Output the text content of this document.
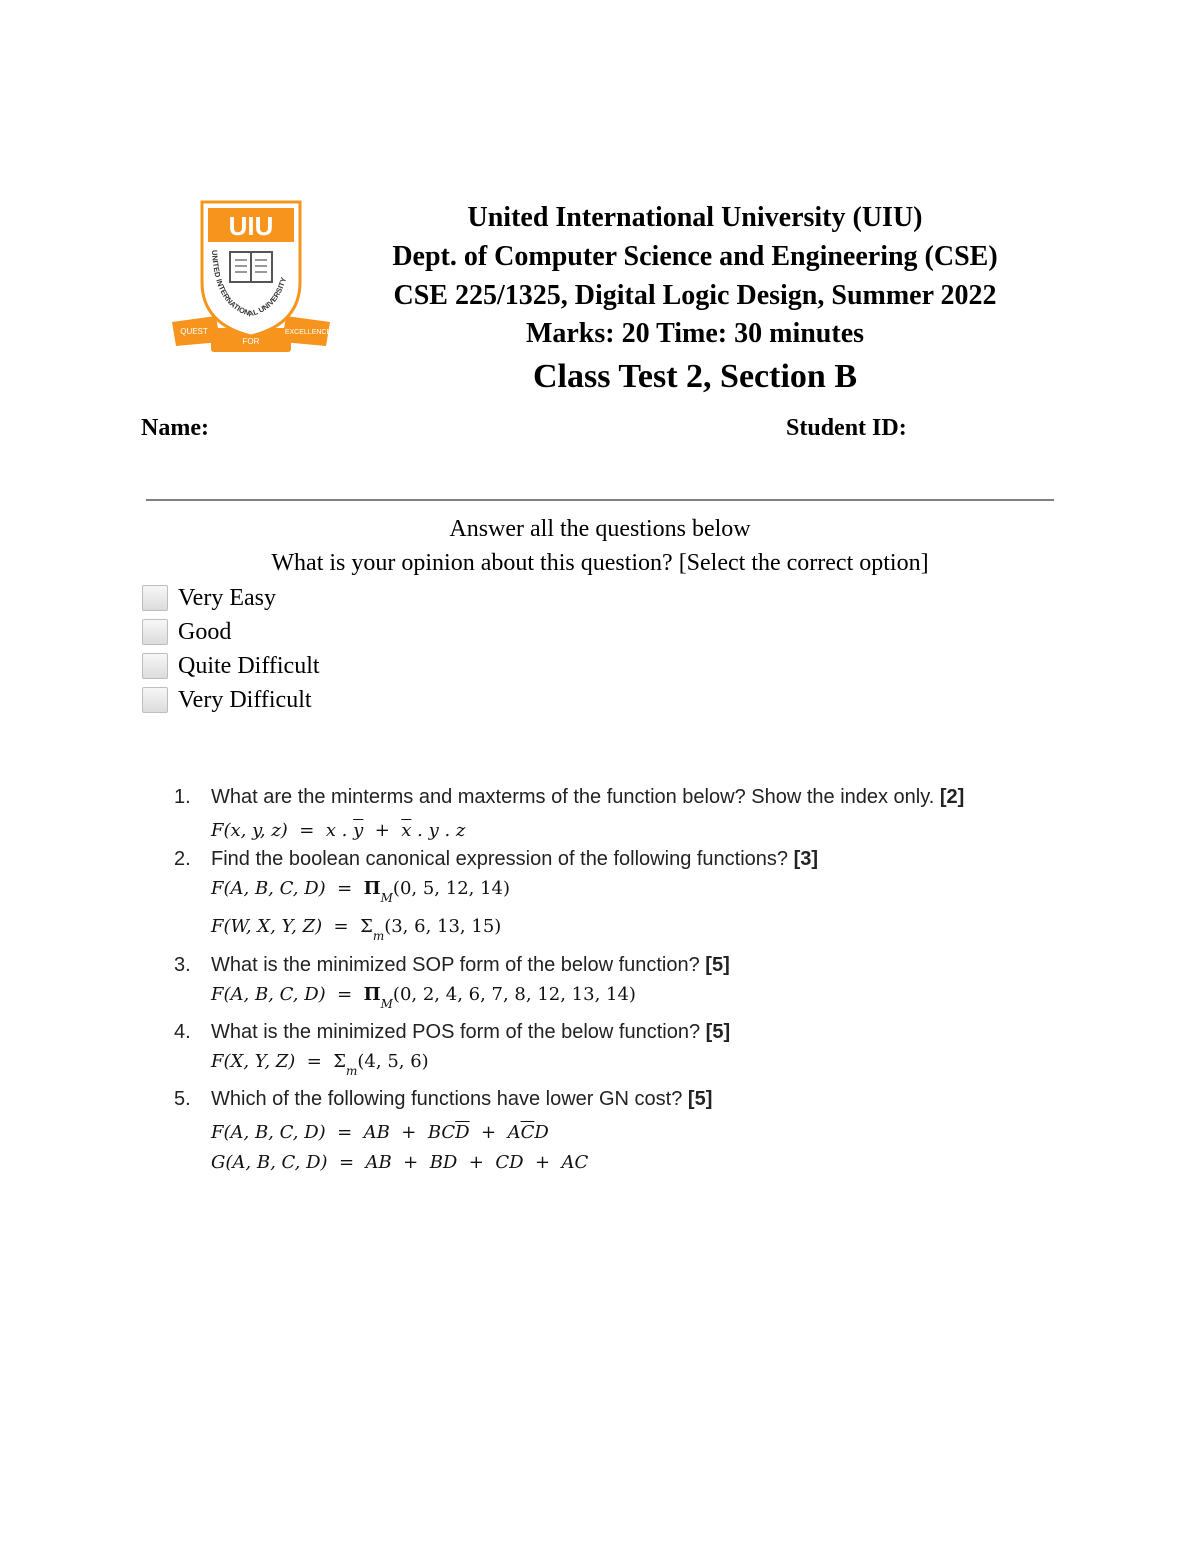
UIU
UNITED INTERNATIONAL UNIVERSITY
QUEST
FOR
EXCELLENCE
United International University (UIU)
Dept. of Computer Science and Engineering (CSE)
CSE 225/1325, Digital Logic Design, Summer 2022
Marks: 20 Time: 30 minutes
Class Test 2, Section B
Name:	Student ID:
Answer all the questions below
What is your opinion about this question? [Select the correct option]
Very Easy
Good
Quite Difficult
Very Difficult
1. What are the minterms and maxterms of the function below? Show the index only. [2]
F(x, y, z)  =  x . $\overline{y} + \overline{x}$ . y . z
2. Find the boolean canonical expression of the following functions? [3]
F(A, B, C, $D) = \Pi_M(0$, 5, 12, 14)
F(W, X, Y, $Z) = \Sigma_m(3$, 6, 13, 15)
3. What is the minimized SOP form of the below function? [5]
F(A, B, C, $D) = \Pi_M(0$, 2, 4, 6, 7, 8, 12, 13, 14)
4. What is the minimized POS form of the below function? [5]
F(X, Y, $Z) = \Sigma_m(4$, 5, 6)
5. Which of the following functions have lower GN cost? [5]
F(A, B, C, D)  =  AB  +  $BC\overline{D} + A\overline{C}D$
G(A, B, C, D)  =  AB  +  BD  +  CD  +  AC
